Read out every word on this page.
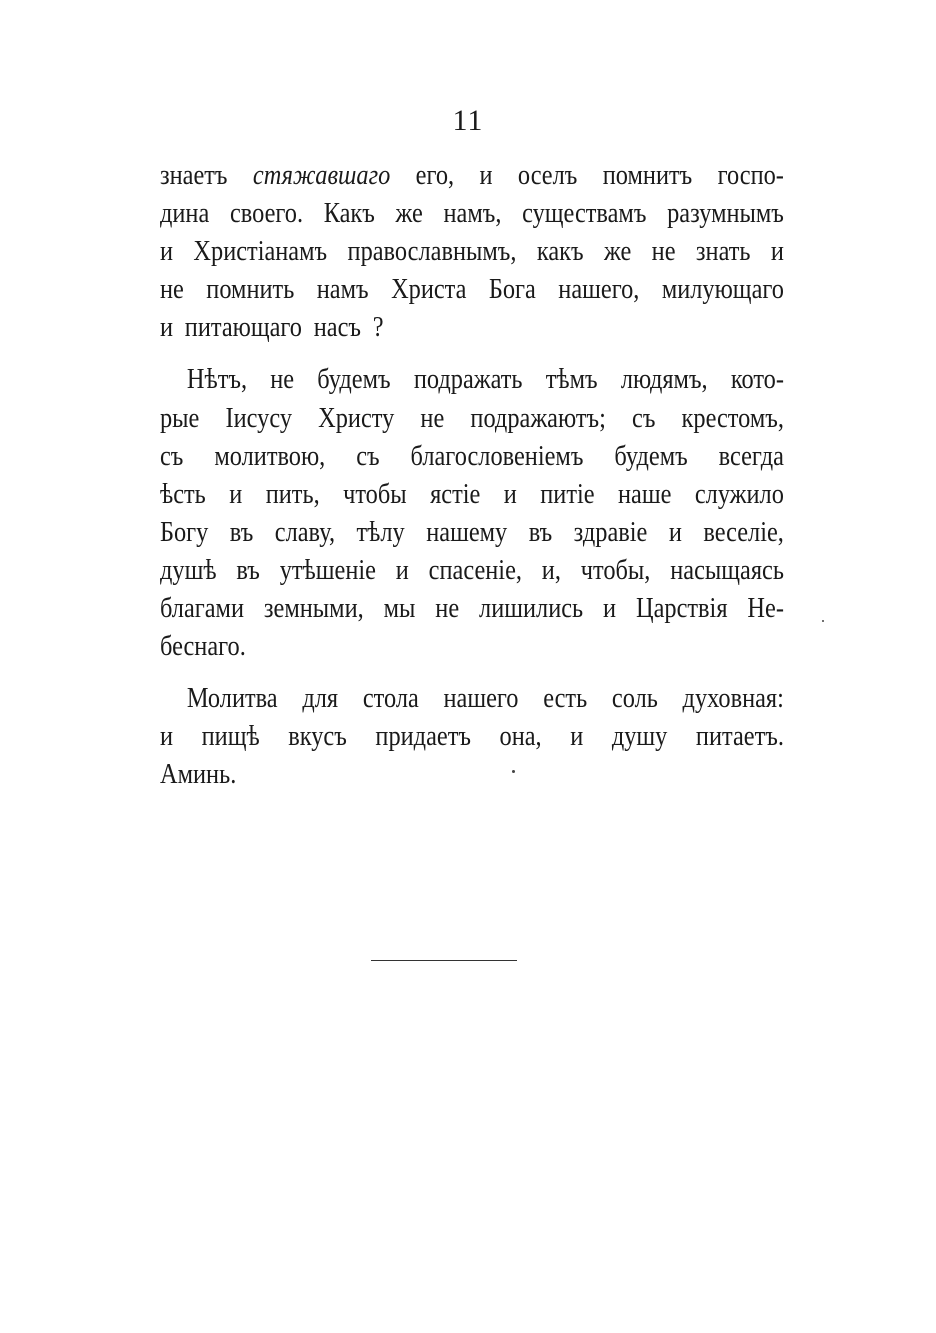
11
знаетъ стяжавшаго его, и оселъ помнитъ госпо-
дина своего. Какъ же намъ, существамъ разумнымъ
и Христіанамъ православнымъ, какъ же не знать и
не помнить намъ Христа Бога нашего, милующаго
и питающаго насъ ?
Нѣтъ, не будемъ подражать тѣмъ людямъ, кото-
рые Іисусу Христу не подражаютъ; съ крестомъ,
съ молитвою, съ благословеніемъ будемъ всегда
ѣсть и пить, чтобы ястіе и питіе наше служило
Богу въ славу, тѣлу нашему въ здравіе и веселіе,
душѣ въ утѣшеніе и спасеніе, и, чтобы, насыщаясь
благами земными, мы не лишились и Царствія Не-
беснаго.
Молитва для стола нашего есть соль духовная:
и пищѣ вкусъ придаетъ она, и душу питаетъ.
Аминь.
